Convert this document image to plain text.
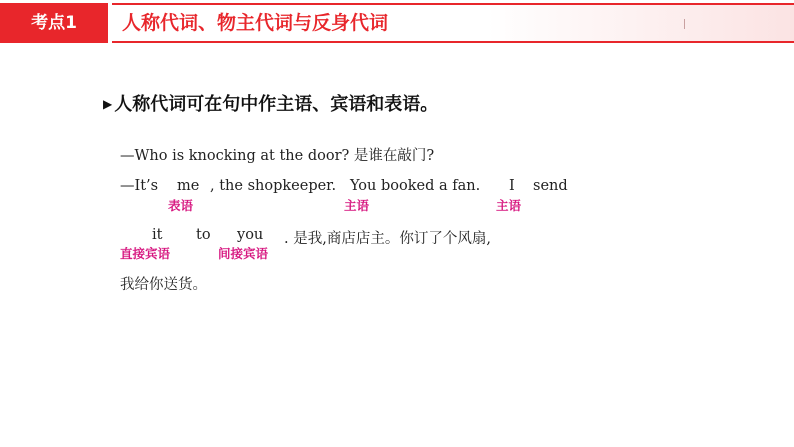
考点1	人称代词、物主代词与反身代词
▶ 人称代词可在句中作主语、宾语和表语。
—Who is knocking at the door? 是谁在敲门?
—It’s me , the shopkeeper. You booked a fan. I send
表语	主语	主语
it to you . 是我,商店店主。你订了个风扇,
直接宾语	间接宾语
我给你送货。
